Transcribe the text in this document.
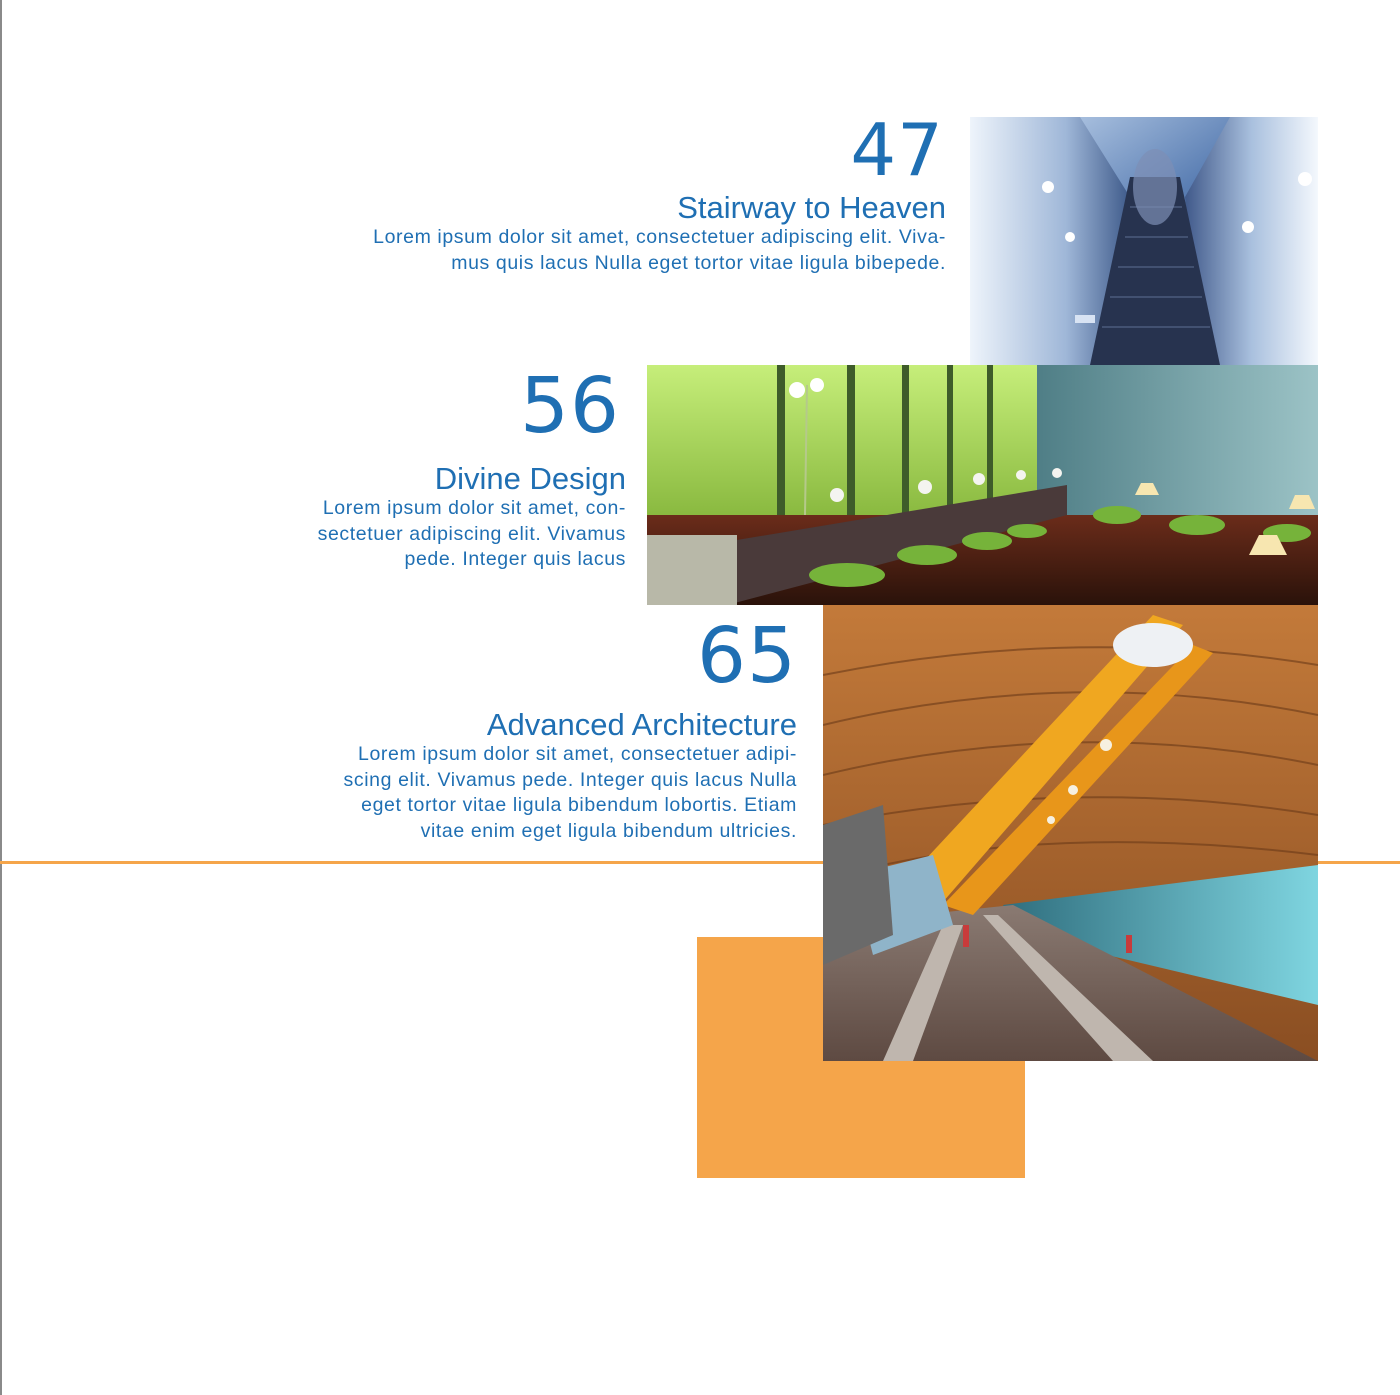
47
Stairway to Heaven
Lorem ipsum dolor sit amet, consectetuer adipiscing elit. Viva-
mus quis lacus Nulla eget tortor vitae ligula bibepede.
56
Divine Design
Lorem ipsum dolor sit amet, con-
sectetuer adipiscing elit. Vivamus
pede. Integer quis lacus
65
Advanced Architecture
Lorem ipsum dolor sit amet, consectetuer adipi-
scing elit. Vivamus pede. Integer quis lacus Nulla
eget tortor vitae ligula bibendum lobortis. Etiam
vitae enim eget ligula bibendum ultricies.
